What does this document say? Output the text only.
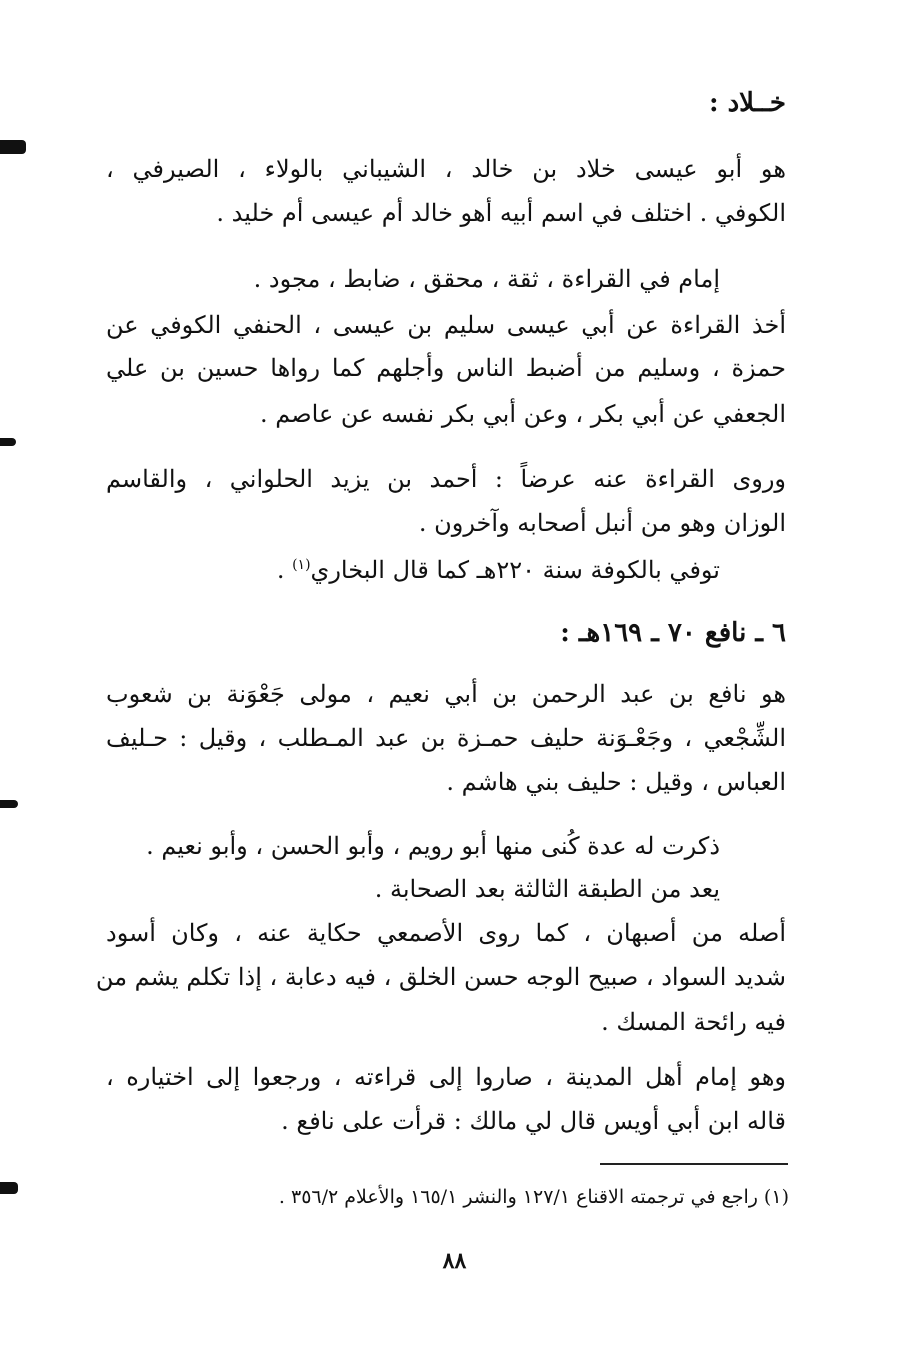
خــلاد :
هو أبو عيسى خلاد بن خالد ، الشيباني بالولاء ، الصيرفي ،
الكوفي . اختلف في اسم أبيه أهو خالد أم عيسى أم خليد .
إمام في القراءة ، ثقة ، محقق ، ضابط ، مجود .
أخذ القراءة عن أبي عيسى سليم بن عيسى ، الحنفي الكوفي عن
حمزة ، وسليم من أضبط الناس وأجلهم كما رواها حسين بن علي
الجعفي عن أبي بكر ، وعن أبي بكر نفسه عن عاصم .
وروى القراءة عنه عرضاً : أحمد بن يزيد الحلواني ، والقاسم
الوزان وهو من أنبل أصحابه وآخرون .
توفي بالكوفة سنة ٢٢٠هـ كما قال البخاري$^{(١)}$ .
٦ ـ نافع ٧٠ ـ ١٦٩هـ :
هو نافع بن عبد الرحمن بن أبي نعيم ، مولى جَعْوَنة بن شعوب
الشِّجْعي ، وجَعْـوَنة حليف حمـزة بن عبد المـطلب ، وقيل : حـليف
العباس ، وقيل : حليف بني هاشم .
ذكرت له عدة كُنى منها أبو رويم ، وأبو الحسن ، وأبو نعيم .
يعد من الطبقة الثالثة بعد الصحابة .
أصله من أصبهان ، كما روى الأصمعي حكاية عنه ، وكان أسود
شديد السواد ، صبيح الوجه حسن الخلق ، فيه دعابة ، إذا تكلم يشم من
فيه رائحة المسك .
وهو إمام أهل المدينة ، صاروا إلى قراءته ، ورجعوا إلى اختياره ،
قاله ابن أبي أويس قال لي مالك : قرأت على نافع .
(١) راجع في ترجمته الاقناع ١٢٧/١ والنشر ١٦٥/١ والأعلام ٣٥٦/٢ .
٨٨
